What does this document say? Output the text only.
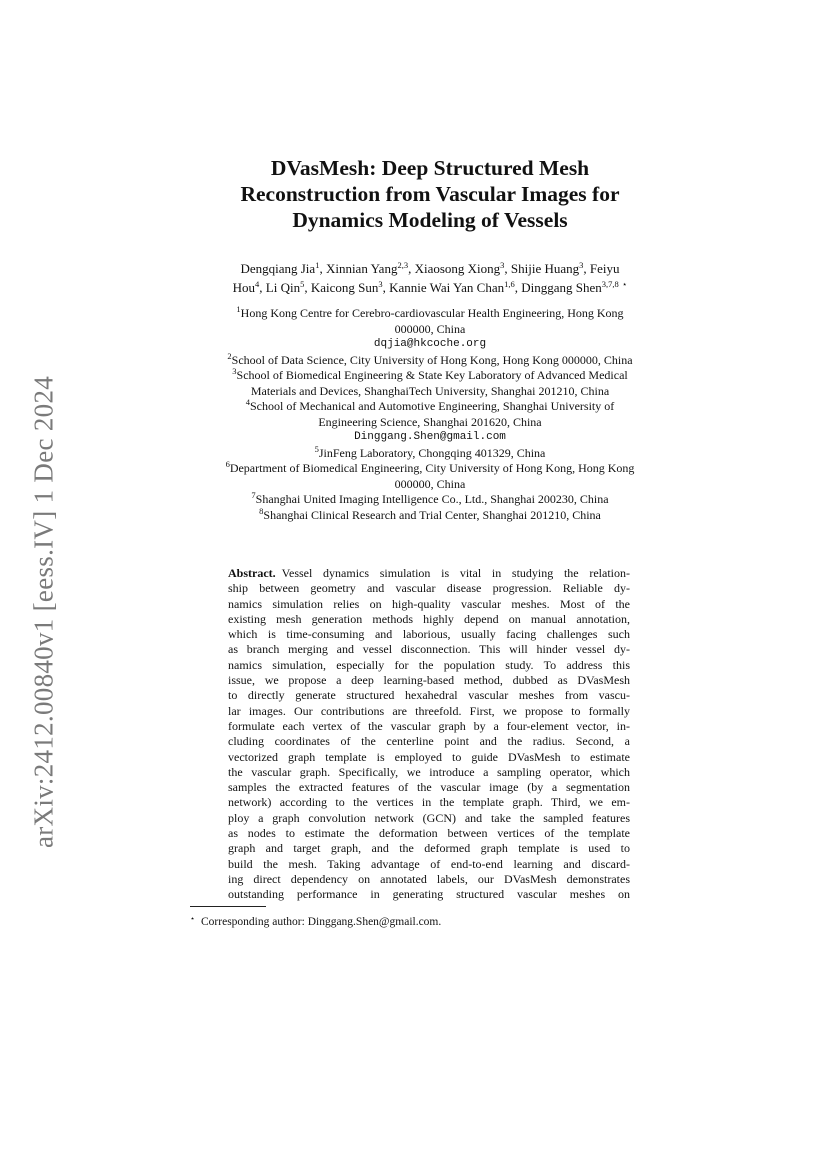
arXiv:2412.00840v1 [eess.IV] 1 Dec 2024
DVasMesh: Deep Structured Mesh
Reconstruction from Vascular Images for
Dynamics Modeling of Vessels
Dengqiang Jia$^1$, Xinnian Yang$^{2,3}$, Xiaosong Xiong$^3$, Shijie Huang$^3$, Feiyu
Hou$^4$, Li Qin$^5$, Kaicong Sun$^3$, Kannie Wai Yan Chan$^{1,6}$, Dinggang Shen$^{3,7,8}$ ⋆
$^1$Hong Kong Centre for Cerebro-cardiovascular Health Engineering, Hong Kong
000000, China
dqjia@hkcoche.org
$^2$School of Data Science, City University of Hong Kong, Hong Kong 000000, China
$^3$School of Biomedical Engineering & State Key Laboratory of Advanced Medical
Materials and Devices, ShanghaiTech University, Shanghai 201210, China
$^4$School of Mechanical and Automotive Engineering, Shanghai University of
Engineering Science, Shanghai 201620, China
Dinggang.Shen@gmail.com
$^5$JinFeng Laboratory, Chongqing 401329, China
$^6$Department of Biomedical Engineering, City University of Hong Kong, Hong Kong
000000, China
$^7$Shanghai United Imaging Intelligence Co., Ltd., Shanghai 200230, China
$^8$Shanghai Clinical Research and Trial Center, Shanghai 201210, China
Abstract.  Vessel dynamics simulation is vital in studying the relation-
ship between geometry and vascular disease progression. Reliable dy-
namics simulation relies on high-quality vascular meshes. Most of the
existing mesh generation methods highly depend on manual annotation,
which is time-consuming and laborious, usually facing challenges such
as branch merging and vessel disconnection. This will hinder vessel dy-
namics simulation, especially for the population study. To address this
issue, we propose a deep learning-based method, dubbed as DVasMesh
to directly generate structured hexahedral vascular meshes from vascu-
lar images. Our contributions are threefold. First, we propose to formally
formulate each vertex of the vascular graph by a four-element vector, in-
cluding coordinates of the centerline point and the radius. Second, a
vectorized graph template is employed to guide DVasMesh to estimate
the vascular graph. Specifically, we introduce a sampling operator, which
samples the extracted features of the vascular image (by a segmentation
network) according to the vertices in the template graph. Third, we em-
ploy a graph convolution network (GCN) and take the sampled features
as nodes to estimate the deformation between vertices of the template
graph and target graph, and the deformed graph template is used to
build the mesh. Taking advantage of end-to-end learning and discard-
ing direct dependency on annotated labels, our DVasMesh demonstrates
outstanding performance in generating structured vascular meshes on
⋆ Corresponding author: Dinggang.Shen@gmail.com.
